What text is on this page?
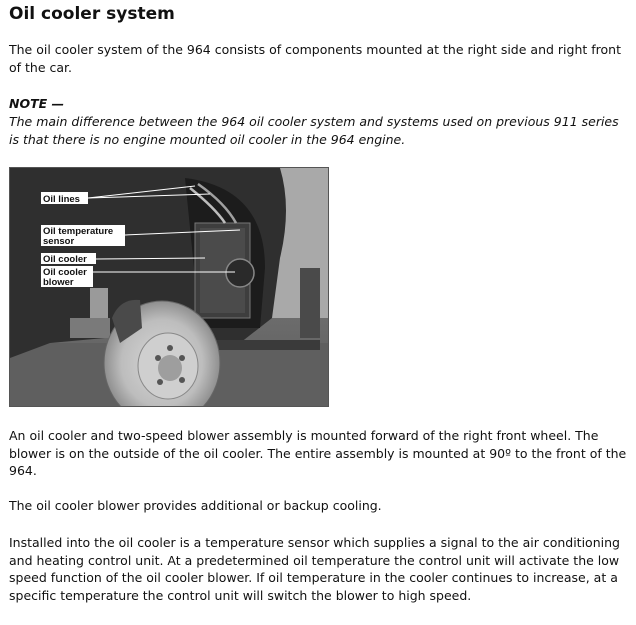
Oil cooler system

The oil cooler system of the 964 consists of components mounted at the right side and right front of the car.

NOTE —

The main difference between the 964 oil cooler system and systems used on previous 911 series is that there is no engine mounted oil cooler in the 964 engine.

Oil lines
Oil temperature
sensor
Oil cooler
Oil cooler
blower

An oil cooler and two-speed blower assembly is mounted forward of the right front wheel. The blower is on the outside of the oil cooler. The entire assembly is mounted at 90º to the front of the 964.

The oil cooler blower provides additional or backup cooling.

Installed into the oil cooler is a temperature sensor which supplies a signal to the air conditioning and heating control unit. At a predetermined oil temperature the control unit will activate the low speed function of the oil cooler blower. If oil temperature in the cooler continues to increase, at a specific temperature the control unit will switch the blower to high speed.
